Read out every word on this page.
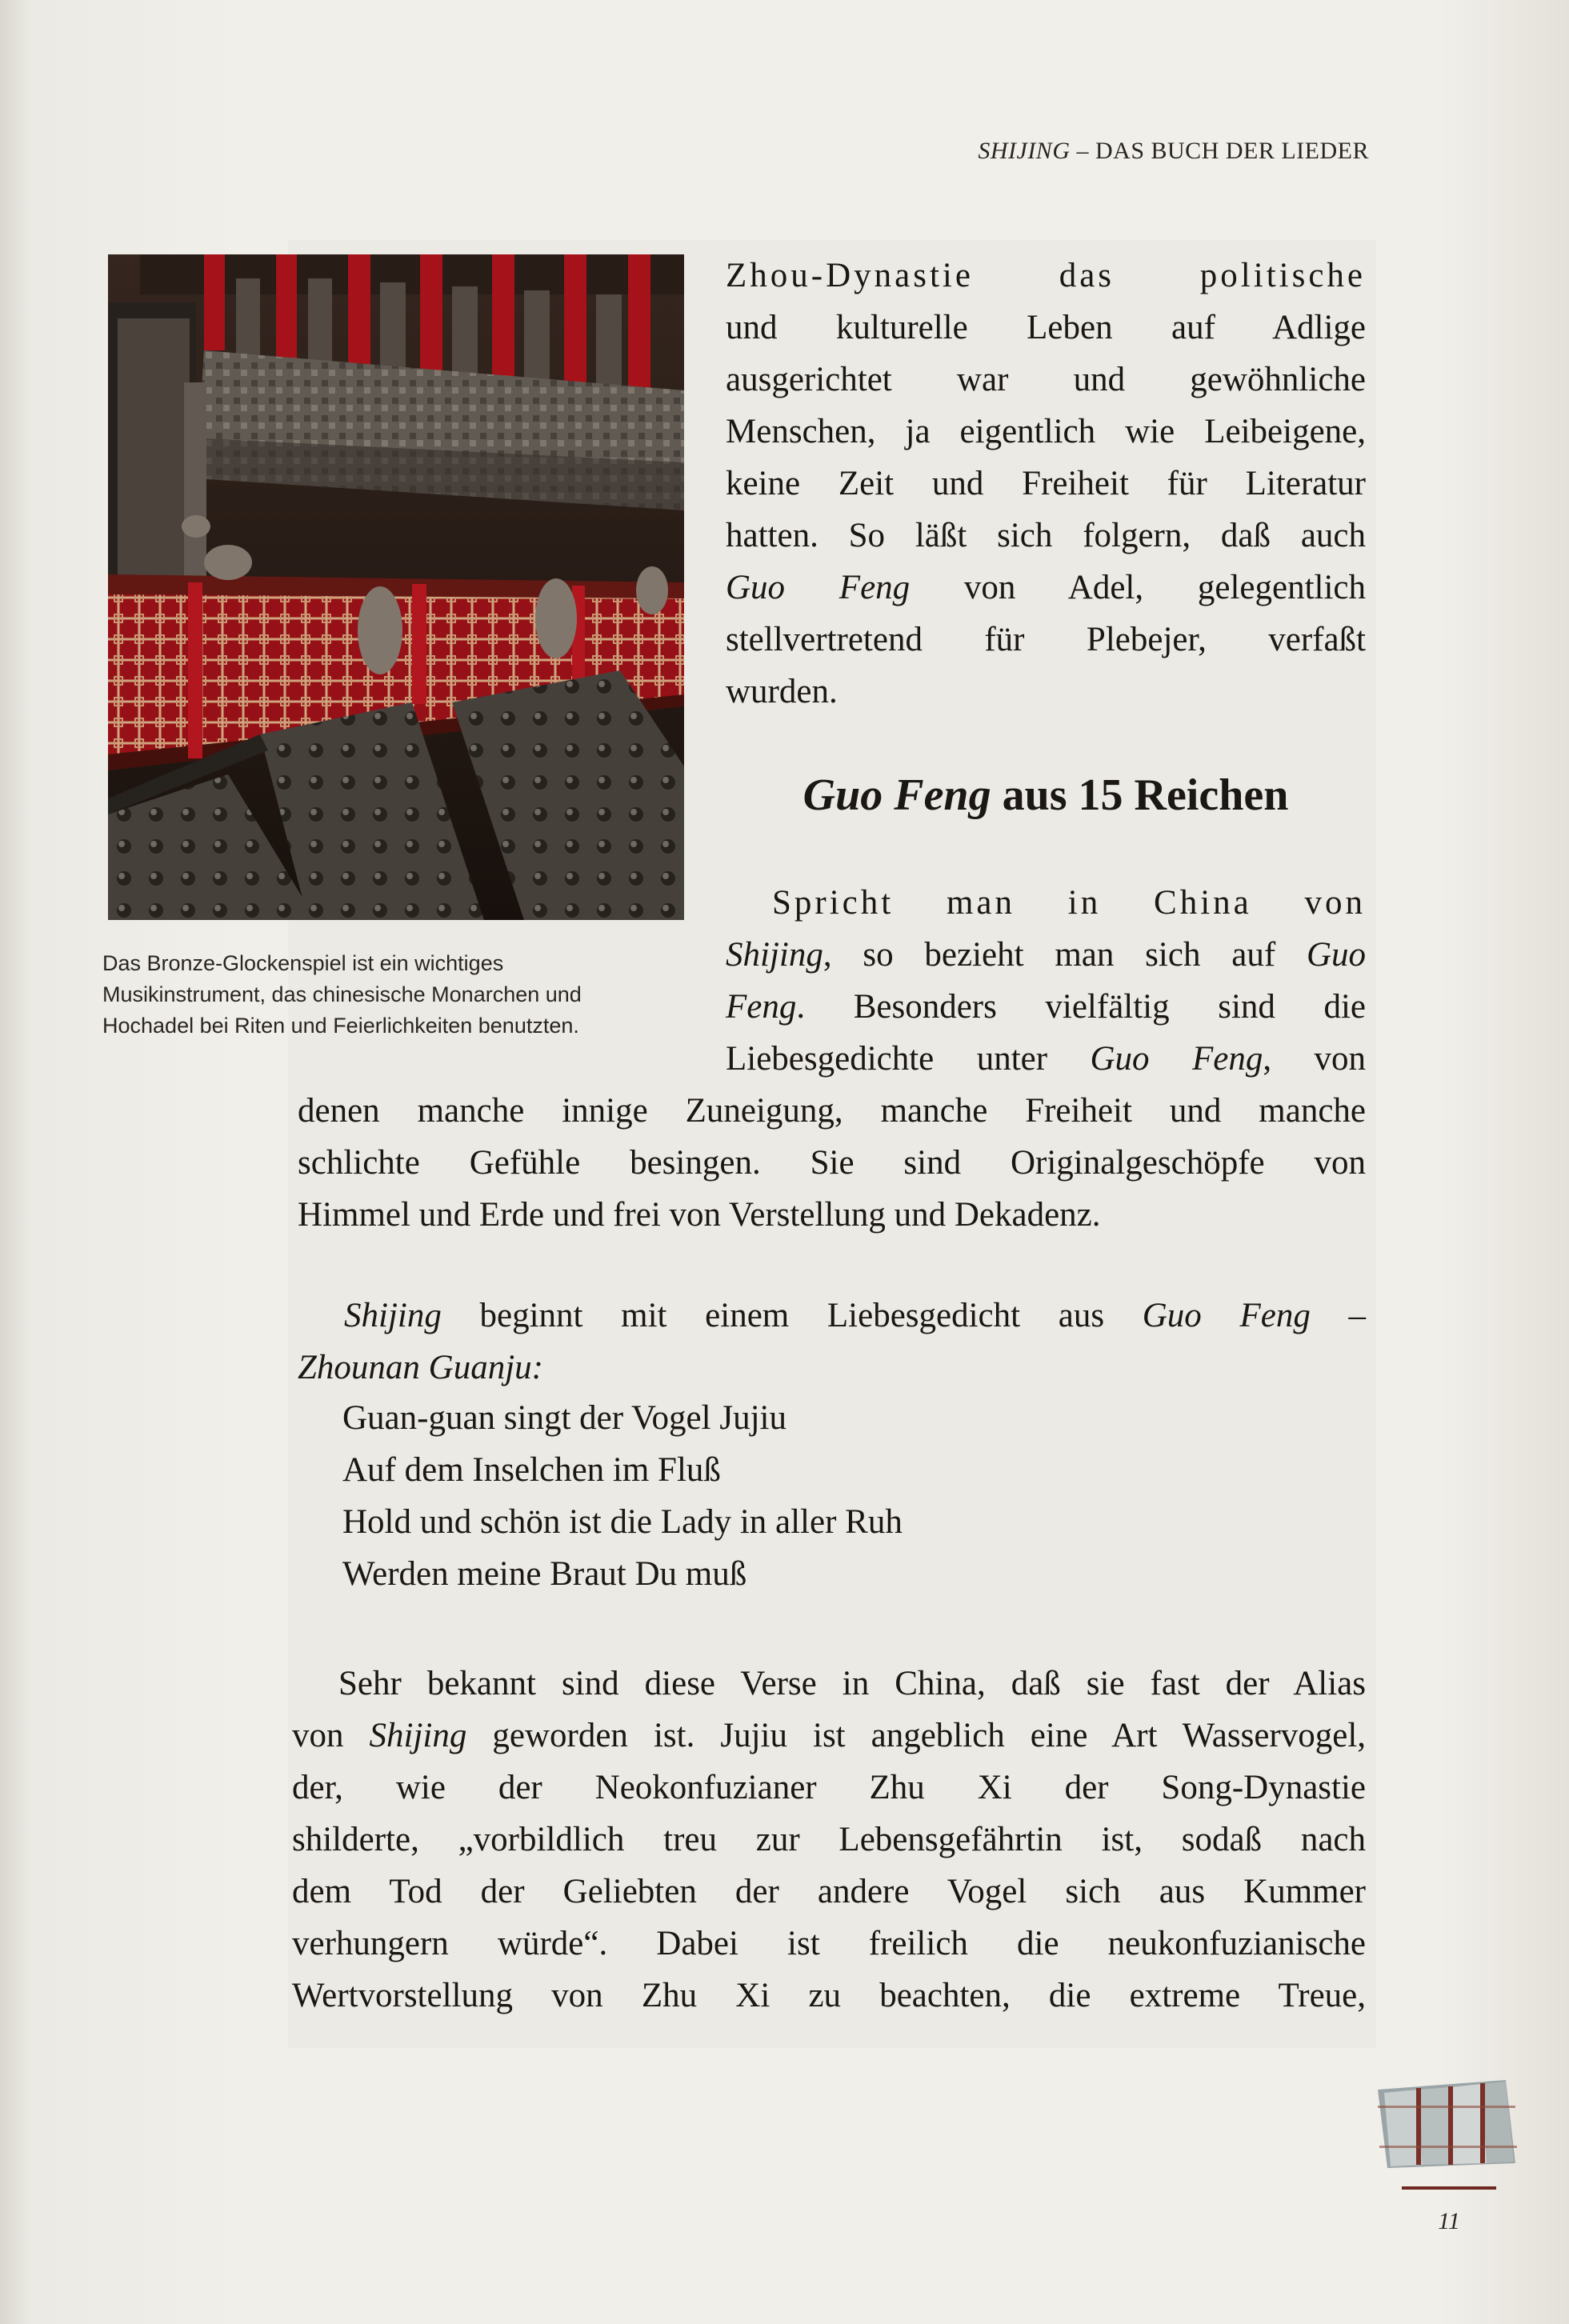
SHIJING – DAS BUCH DER LIEDER
Das Bronze-Glockenspiel ist ein wichtiges
Musikinstrument, das chinesische Monarchen und
Hochadel bei Riten und Feierlichkeiten benutzten.
Zhou-Dynastie das politische
und kulturelle Leben auf Adlige
ausgerichtet war und gewöhnliche
Menschen, ja eigentlich wie Leibeigene,
keine Zeit und Freiheit für Literatur
hatten. So läßt sich folgern, daß auch
Guo Feng von Adel, gelegentlich
stellvertretend für Plebejer, verfaßt
wurden.
Guo Feng aus 15 Reichen
Spricht man in China von
Shijing, so bezieht man sich auf Guo
Feng. Besonders vielfältig sind die
Liebesgedichte unter Guo Feng, von
denen manche innige Zuneigung, manche Freiheit und manche
schlichte Gefühle besingen. Sie sind Originalgeschöpfe von
Himmel und Erde und frei von Verstellung und Dekadenz.
Shijing beginnt mit einem Liebesgedicht aus Guo Feng –
Zhounan Guanju:
Guan-guan singt der Vogel Jujiu
Auf dem Inselchen im Fluß
Hold und schön ist die Lady in aller Ruh
Werden meine Braut Du muß
Sehr bekannt sind diese Verse in China, daß sie fast der Alias
von Shijing geworden ist. Jujiu ist angeblich eine Art Wasservogel,
der, wie der Neokonfuzianer Zhu Xi der Song-Dynastie
shilderte, „vorbildlich treu zur Lebensgefährtin ist, sodaß nach
dem Tod der Geliebten der andere Vogel sich aus Kummer
verhungern würde“. Dabei ist freilich die neukonfuzianische
Wertvorstellung von Zhu Xi zu beachten, die extreme Treue,
11
